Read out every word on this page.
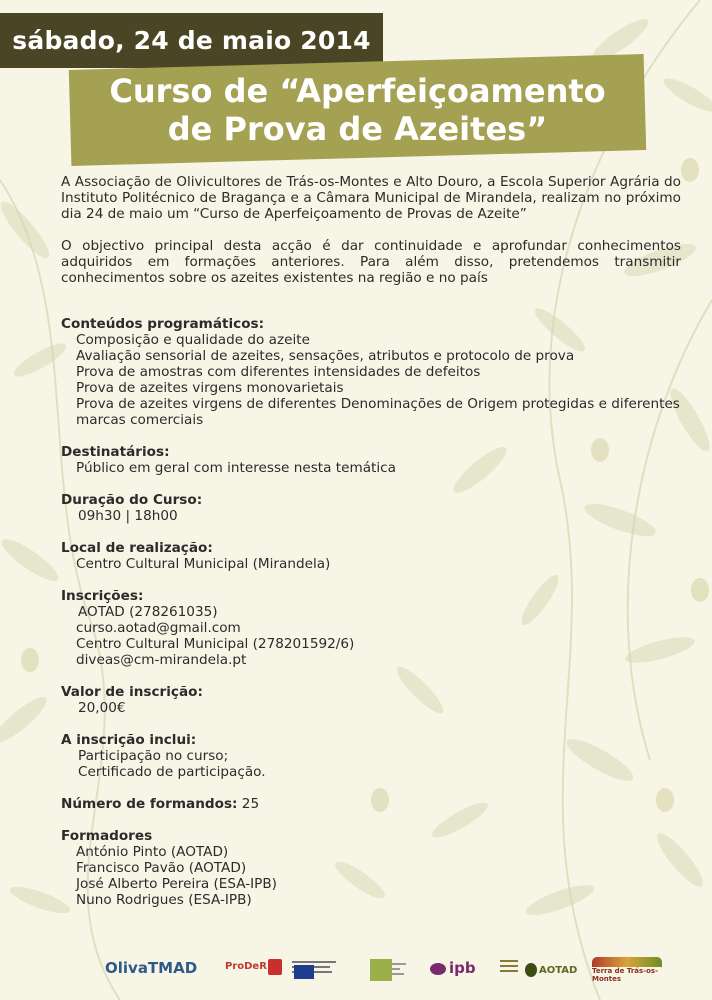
sábado, 24 de maio 2014
Curso de “Aperfeiçoamento
de Prova de Azeites”

A Associação de Olivicultores de Trás-os-Montes e Alto Douro, a Escola Superior Agrária do Instituto Politécnico de Bragança e a Câmara Municipal de Mirandela, realizam no próximo dia 24 de maio um “Curso de Aperfeiçoamento de Provas de Azeite”

O objectivo principal desta acção é dar continuidade e aprofundar conhecimentos adquiridos em formações anteriores. Para além disso, pretendemos transmitir conhecimentos sobre os azeites existentes na região e no país

Conteúdos programáticos:
Composição e qualidade do azeite
Avaliação sensorial de azeites, sensações, atributos e protocolo de prova
Prova de amostras com diferentes intensidades de defeitos
Prova de azeites virgens monovarietais
Prova de azeites virgens de diferentes Denominações de Origem protegidas e diferentes marcas comerciais
Destinatários:
Público em geral com interesse nesta temática
Duração do Curso:
09h30 | 18h00
Local de realização:
Centro Cultural Municipal (Mirandela)
Inscrições:
AOTAD (278261035)
curso.aotad@gmail.com
Centro Cultural Municipal (278201592/6)
diveas@cm-mirandela.pt
Valor de inscrição:
20,00€
A inscrição inclui:
Participação no curso;
Certificado de participação.
Número de formandos: 25
Formadores
António Pinto (AOTAD)
Francisco Pavão (AOTAD)
José Alberto Pereira (ESA-IPB)
Nuno Rodrigues (ESA-IPB)
OlivaTMAD	ProDeR	ipb	AOTAD Terra de Trás-os-Montes
